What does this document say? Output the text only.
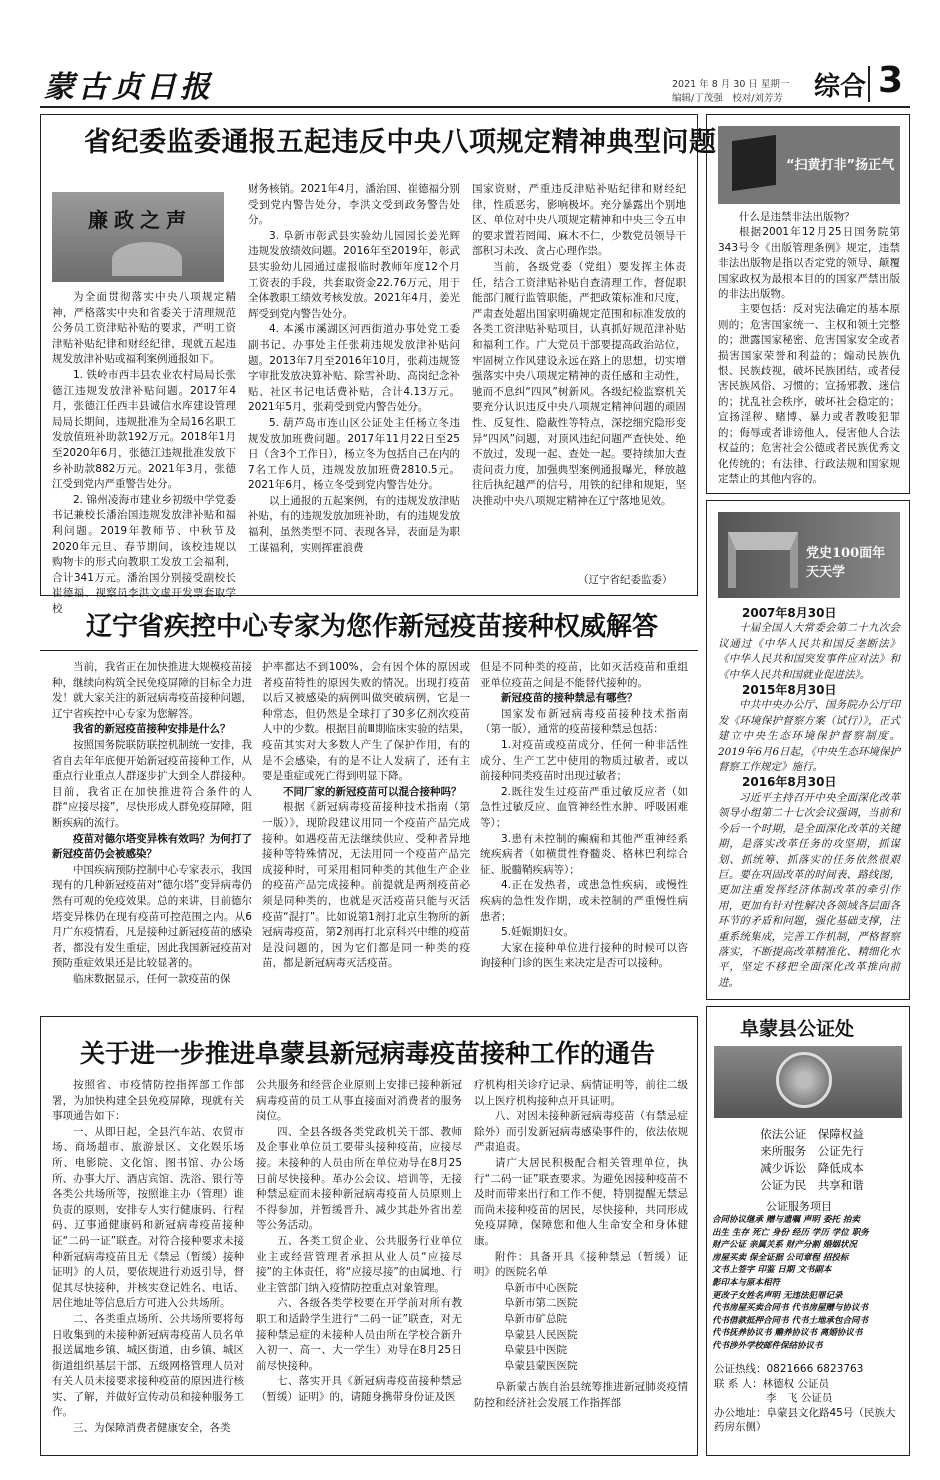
蒙古贞日报	2021 年 8 月 30 日 星期一
编辑/丁茂强　校对/刘芳芳 综合 3
省纪委监委通报五起违反中央八项规定精神典型问题
廉政之声

为全面贯彻落实中央八项规定精神，严格落实中央和省委关于清理规范公务员工资津贴补贴的要求，严明工资津贴补贴纪律和财经纪律，现就五起违规发放津补贴或福利案例通报如下。

1. 铁岭市西丰县农业农村局局长张德江违规发放津补贴问题。2017年4月，张德江任西丰县诚信水库建设管理局局长期间，违规批准为全局16名职工发放值班补助款192万元。2018年1月至2020年6月，张德江违规批准发放下乡补助款882万元。2021年3月，张德江受到党内严重警告处分。

2. 锦州凌海市建业乡初级中学党委书记兼校长潘治国违规发放津补贴和福利问题。2019年教师节、中秋节及2020年元旦、春节期间，该校违规以购物卡的形式向教职工发放工会福利，合计341万元。潘治国分别接受副校长崔德福、视察员李洪文虚开发票套取学校

财务核销。2021年4月，潘治国、崔德福分别受到党内警告处分，李洪文受到政务警告处分。

3. 阜新市彰武县实验幼儿园园长姜光辉违规发放绩效问题。2016年至2019年，彰武县实验幼儿园通过虚报临时教师年度12个月工资表的手段，共套取资金22.76万元，用于全体教职工绩效考核发放。2021年4月，姜光辉受到党内警告处分。

4. 本溪市溪湖区河西街道办事处党工委副书记、办事处主任张莉违规发放津补贴问题。2013年7月至2016年10月，张莉违规签字审批发放决算补贴、除雪补助、高岗纪念补贴、社区书记电话费补贴，合计4.13万元。2021年5月，张莉受到党内警告处分。

5. 葫芦岛市连山区公证处主任杨立冬违规发放加班费问题。2017年11月22日至25日（含3个工作日），杨立冬为包括自己在内的7名工作人员，违规发放加班费2810.5元。2021年6月，杨立冬受到党内警告处分。

以上通报的五起案例，有的违规发放津贴补贴，有的违规发放加班补助，有的违规发放福利，虽然类型不同、表现各异，表面是为职工谋福利，实则挥霍浪费

国家资财，严重违反津贴补贴纪律和财经纪律，性质恶劣，影响极坏。充分暴露出个别地区、单位对中央八项规定精神和中央三令五申的要求置若罔闻、麻木不仁，少数党员领导干部积习未改、贪占心理作祟。

当前，各级党委（党组）要发挥主体责任，结合工资津贴补贴自查清理工作，督促职能部门履行监管职能，严把政策标准和尺度，严肃查处超出国家明确规定范围和标准发放的各类工资津贴补贴项目，认真抓好规范津补贴和福利工作。广大党员干部要提高政治站位，牢固树立作风建设永远在路上的思想，切实增强落实中央八项规定精神的责任感和主动性，驰而不息纠“四风”树新风。各级纪检监察机关要充分认识违反中央八项规定精神问题的顽固性、反复性、隐蔽性等特点，深挖细究隐形变异“四风”问题，对顶风违纪问题严查快处、绝不放过，发现一起、查处一起。要持续加大查责问责力度，加强典型案例通报曝光，释放越往后执纪越严的信号，用铁的纪律和规矩，坚决推动中央八项规定精神在辽宁落地见效。

（辽宁省纪委监委）
辽宁省疾控中心专家为您作新冠疫苗接种权威解答

当前，我省正在加快推进大规模疫苗接种，继续向构筑全民免疫屏障的目标全力进发！就大家关注的新冠病毒疫苗接种问题，辽宁省疾控中心专家为您解答。

我省的新冠疫苗接种安排是什么？

按照国务院联防联控机制统一安排，我省自去年年底便开始新冠疫苗接种工作，从重点行业重点人群逐步扩大到全人群接种。目前，我省正在加快推进符合条件的人群“应接尽接”，尽快形成人群免疫屏障，阻断疾病的流行。

疫苗对德尔塔变异株有效吗？为何打了新冠疫苗仍会被感染？

中国疾病预防控制中心专家表示，我国现有的几种新冠疫苗对“德尔塔”变异病毒仍然有可观的免疫效果。总的来讲，目前德尔塔变异株仍在现有疫苗可控范围之内。从6月广东疫情看，凡是接种过新冠疫苗的感染者，都没有发生重症，因此我国新冠疫苗对预防重症效果还是比较显著的。

临床数据显示，任何一款疫苗的保

护率都达不到100%，会有因个体的原因或者疫苗特性的原因失败的情况。出现打疫苗以后又被感染的病例叫做突破病例，它是一种常态，但仍然是全球打了30多亿剂次疫苗人中的少数。根据目前Ⅲ期临床实验的结果，疫苗其实对大多数人产生了保护作用，有的是不会感染，有的是不让人发病了，还有主要是重症或死亡得到明显下降。

不同厂家的新冠疫苗可以混合接种吗？

根据《新冠病毒疫苗接种技术指南（第一版）》，现阶段建议用同一个疫苗产品完成接种。如遇疫苗无法继续供应、受种者异地接种等特殊情况，无法用同一个疫苗产品完成接种时，可采用相同种类的其他生产企业的疫苗产品完成接种。前提就是两剂疫苗必须是同种类的，也就是灭活疫苗只能与灭活疫苗“混打”。比如说第1剂打北京生物所的新冠病毒疫苗，第2剂再打北京科兴中维的疫苗是没问题的，因为它们都是同一种类的疫苗，都是新冠病毒灭活疫苗。

但是不同种类的疫苗，比如灭活疫苗和重组亚单位疫苗之间是不能替代接种的。

新冠疫苗的接种禁忌有哪些？

国家发布新冠病毒疫苗接种技术指南（第一版），通常的疫苗接种禁忌包括：

1.对疫苗或疫苗成分、任何一种非活性成分、生产工艺中使用的物质过敏者，或以前接种同类疫苗时出现过敏者；

2.既往发生过疫苗严重过敏反应者（如急性过敏反应、血管神经性水肿、呼吸困难等）；

3.患有未控制的癫痫和其他严重神经系统疾病者（如横贯性脊髓炎、格林巴利综合征、脱髓鞘疾病等）；

4.正在发热者，或患急性疾病，或慢性疾病的急性发作期，或未控制的严重慢性病患者；

5.妊娠期妇女。

大家在接种单位进行接种的时候可以咨询接种门诊的医生来决定是否可以接种。

关于进一步推进阜蒙县新冠病毒疫苗接种工作的通告

按照省、市疫情防控指挥部工作部署，为加快构建全县免疫屏障，现就有关事项通告如下：

一、从即日起，全县汽车站、农贸市场、商场超市、旅游景区、文化娱乐场所、电影院、文化馆、图书馆、办公场所、办事大厅、酒店宾馆、洗浴、银行等各类公共场所等，按照谁主办（管理）谁负责的原则，安排专人实行健康码、行程码、辽事通健康码和新冠病毒疫苗接种证“二码一证”联查。对符合接种要求未接种新冠病毒疫苗且无《禁忌（暂缓）接种证明》的人员，要依规进行劝返引导，督促其尽快接种，并核实登记姓名、电话、居住地址等信息后方可进入公共场所。

二、各类重点场所、公共场所要将每日收集到的未接种新冠病毒疫苗人员名单报送属地乡镇、城区街道，由乡镇、城区街道组织基层干部、五级网格管理人员对有关人员未接要求接种疫苗的原因进行核实、了解，并做好宣传动员和接种服务工作。

三、为保障消费者健康安全，各类

公共服务和经营企业原则上安排已接种新冠病毒疫苗的员工从事直接面对消费者的服务岗位。

四、全县各级各类党政机关干部、教师及企事业单位员工要带头接种疫苗，应接尽接。未接种的人员由所在单位劝导在8月25日前尽快接种。革办公会议、培训等，无接种禁忌症而未接种新冠病毒疫苗人员原则上不得参加，并暂缓晋升、减少其赴外省出差等公务活动。

五、各类工贸企业、公共服务行业单位业主或经营管理者承担从业人员“应接尽接”的主体责任，将“应接尽接”的由属地、行业主管部门纳入疫情防控重点对象管理。

六、各级各类学校要在开学前对所有教职工和适龄学生进行“二码一证”联查，对无接种禁忌症的未接种人员由所在学校合新升入初一、高一、大一学生）劝导在8月25日前尽快接种。

七、落实开具《新冠病毒疫苗接种禁忌（暂缓）证明》的，请随身携带身份证及医

疗机构相关诊疗记录、病情证明等，前往二级以上医疗机构接种点开具证明。

八、对因未接种新冠病毒疫苗（有禁忌症除外）而引发新冠病毒感染事件的，依法依规严肃追责。

请广大居民积极配合相关管理单位，执行“二码一证”联查要求。为避免因接种疫苗不及时而带来出行和工作不便，特别提醒无禁忌而尚未接种疫苗的居民，尽快接种，共同形成免疫屏障，保障您和他人生命安全和身体健康。

附件：具备开具《接种禁忌（暂缓）证明》的医院名单

阜新市中心医院
阜新市第二医院
阜新市矿总院
阜蒙县人民医院
阜蒙县中医院
阜蒙县蒙医医院

阜新蒙古族自治县统筹推进新冠肺炎疫情防控和经济社会发展工作指挥部

“扫黄打非”扬正气

什么是违禁非法出版物？

根据2001年12月25日国务院第343号令《出版管理条例》规定，违禁非法出版物是指以否定党的领导、颠覆国家政权为最根本目的的国家严禁出版的非法出版物。

主要包括：反对宪法确定的基本原则的；危害国家统一、主权和领土完整的；泄露国家秘密、危害国家安全或者损害国家荣誉和利益的；煽动民族仇恨、民族歧视，破坏民族团结，或者侵害民族风俗、习惯的；宣扬邪教、迷信的；扰乱社会秩序，破坏社会稳定的；宣扬淫秽、赌博、暴力或者教唆犯罪的；侮辱或者诽谤他人，侵害他人合法权益的；危害社会公德或者民族优秀文化传统的；有法律、行政法规和国家规定禁止的其他内容的。

党史100面年 天天学
2007年8月30日

十届全国人大常委会第二十九次会议通过《中华人民共和国反垄断法》《中华人民共和国突发事件应对法》和《中华人民共和国就业促进法》。

2015年8月30日

中共中央办公厅、国务院办公厅印发《环境保护督察方案（试行）》，正式建立中央生态环境保护督察制度。2019年6月6日起，《中央生态环境保护督察工作规定》施行。

2016年8月30日

习近平主持召开中央全面深化改革领导小组第二十七次会议强调，当前和今后一个时期，是全面深化改革的关键期，是落实改革任务的攻坚期，抓谋划、抓统筹、抓落实的任务依然很艰巨。要在巩固改革的时间表、路线图，更加注重发挥经济体制改革的牵引作用，更加有针对性解决各领域各层面各环节的矛盾和问题，强化基础支撑，注重系统集成，完善工作机制，严格督察落实，不断提高改革精准化、精细化水平，坚定不移把全面深化改革推向前进。

阜蒙县公证处
依法公证　保障权益
来所服务　公证先行
减少诉讼　降低成本
公证为民　共享和谐
公证服务项目
合同协议继承 赠与遗嘱 声明 委托 抬卖
出生 生存 死亡 身份 经历 学历 学位 职务
财产公证 亲属关系 财产分割 婚姻状况
房屋买卖 保全证据 公司章程 招投标
文书上签字 印鉴 日期 文书副本
影印本与原本相符
更改子女姓名声明 无违法犯罪记录
代书房屋买卖合同书 代书房屋赠与协议书
代书借款抵押合同书 代书土地承包合同书
代书抚养协议书 赡养协议书 离婚协议书
代书涉外学校邮件保结协议书
公证热线：0821666 6823763
联 系 人：林德权 公证员
李　飞 公证员
办公地址：阜蒙县文化路45号（民族大药房东侧）
